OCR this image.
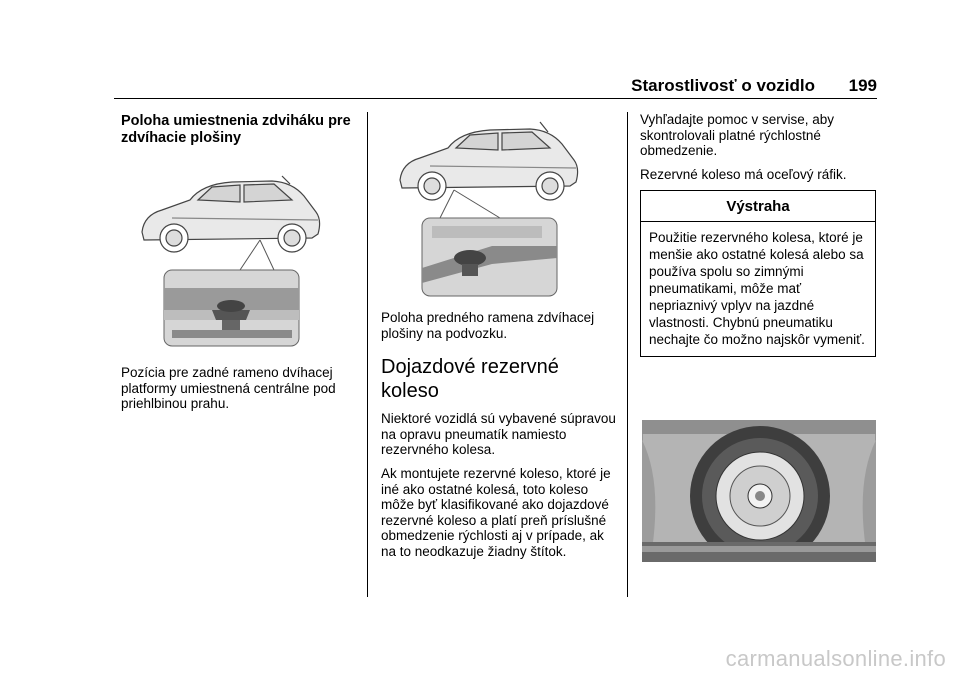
Starostlivosť o vozidlo 199
Poloha umiestnenia zdviháku pre zdvíhacie plošiny

Pozícia pre zadné rameno dvíhacej platformy umiestnená centrálne pod priehlbinou prahu.

Poloha predného ramena zdvíhacej plošiny na podvozku.

Dojazdové rezervné koleso

Niektoré vozidlá sú vybavené súpravou na opravu pneumatík namiesto rezervného kolesa.

Ak montujete rezervné koleso, ktoré je iné ako ostatné kolesá, toto koleso môže byť klasifikované ako dojazdové rezervné koleso a platí preň príslušné obmedzenie rýchlosti aj v prípade, ak na to neodkazuje žiadny štítok.

Vyhľadajte pomoc v servise, aby skontrolovali platné rýchlostné obmedzenie.

Rezervné koleso má oceľový ráfik.

Výstraha
Použitie rezervného kolesa, ktoré je menšie ako ostatné kolesá alebo sa používa spolu so zimnými pneumatikami, môže mať nepriaznivý vplyv na jazdné vlastnosti. Chybnú pneumatiku nechajte čo možno najskôr vymeniť.
carmanualsonline.info
